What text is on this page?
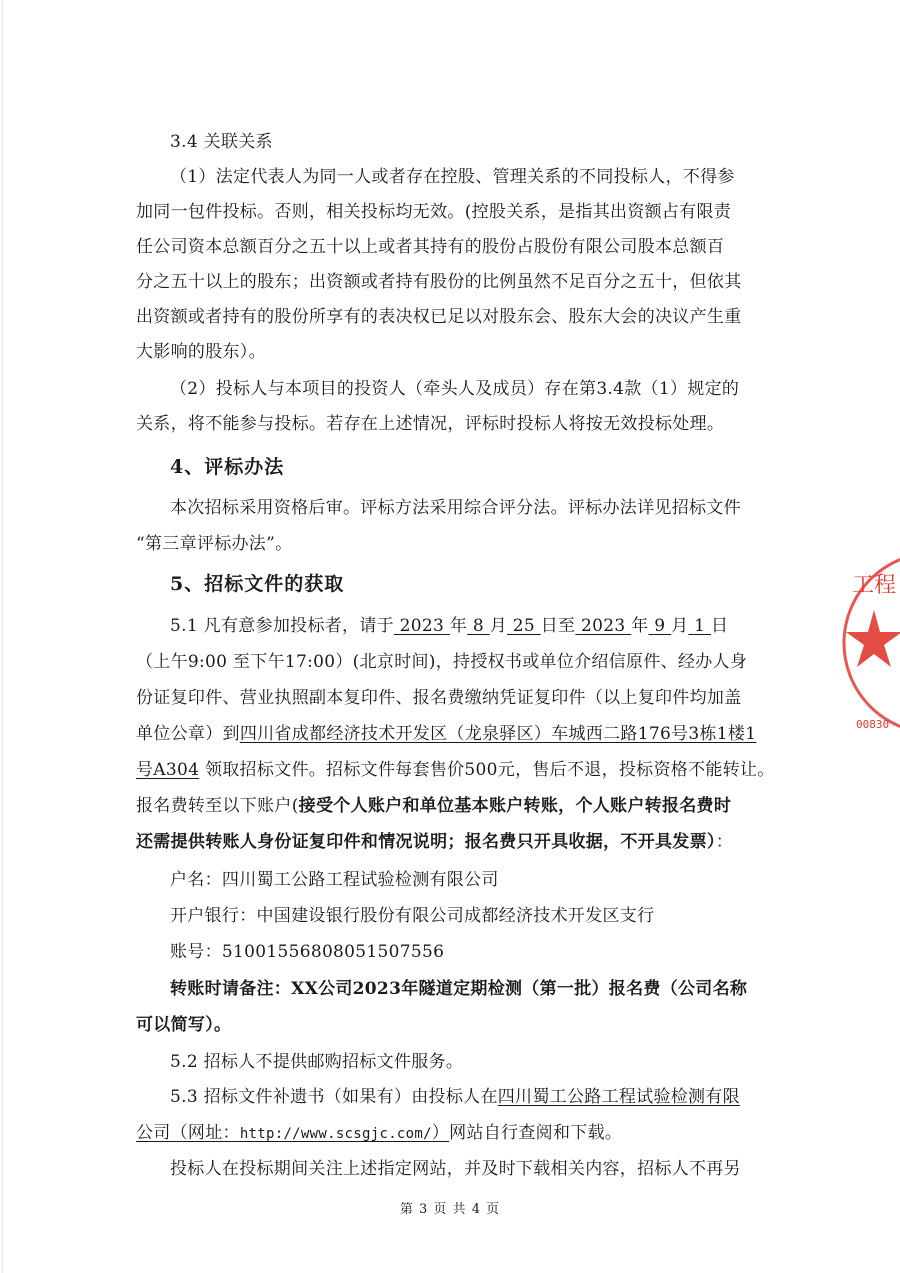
3.4 关联关系
（1）法定代表人为同一人或者存在控股、管理关系的不同投标人，不得参
加同一包件投标。否则，相关投标均无效。(控股关系，是指其出资额占有限责
任公司资本总额百分之五十以上或者其持有的股份占股份有限公司股本总额百
分之五十以上的股东；出资额或者持有股份的比例虽然不足百分之五十，但依其
出资额或者持有的股份所享有的表决权已足以对股东会、股东大会的决议产生重
大影响的股东）。
（2）投标人与本项目的投资人（牵头人及成员）存在第3.4款（1）规定的
关系，将不能参与投标。若存在上述情况，评标时投标人将按无效投标处理。
4、评标办法
本次招标采用资格后审。评标方法采用综合评分法。评标办法详见招标文件
“第三章评标办法”。
5、招标文件的获取
5.1 凡有意参加投标者，请于 2023 年 8 月 25 日至 2023 年 9 月 1 日
（上午9:00 至下午17:00）(北京时间)，持授权书或单位介绍信原件、经办人身
份证复印件、营业执照副本复印件、报名费缴纳凭证复印件（以上复印件均加盖
单位公章）到四川省成都经济技术开发区（龙泉驿区）车城西二路176号3栋1楼1
号A304 领取招标文件。招标文件每套售价500元，售后不退，投标资格不能转让。
报名费转至以下账户(接受个人账户和单位基本账户转账，个人账户转报名费时
还需提供转账人身份证复印件和情况说明；报名费只开具收据，不开具发票）：
户名：四川蜀工公路工程试验检测有限公司
开户银行：中国建设银行股份有限公司成都经济技术开发区支行
账号：51001556808051507556
转账时请备注：XX公司2023年隧道定期检测（第一批）报名费（公司名称
可以简写）。
5.2 招标人不提供邮购招标文件服务。
5.3 招标文件补遗书（如果有）由投标人在四川蜀工公路工程试验检测有限
公司（网址：http://www.scsgjc.com/）网站自行查阅和下载。
投标人在投标期间关注上述指定网站，并及时下载相关内容，招标人不再另
第 3 页 共 4 页
工程
00830
